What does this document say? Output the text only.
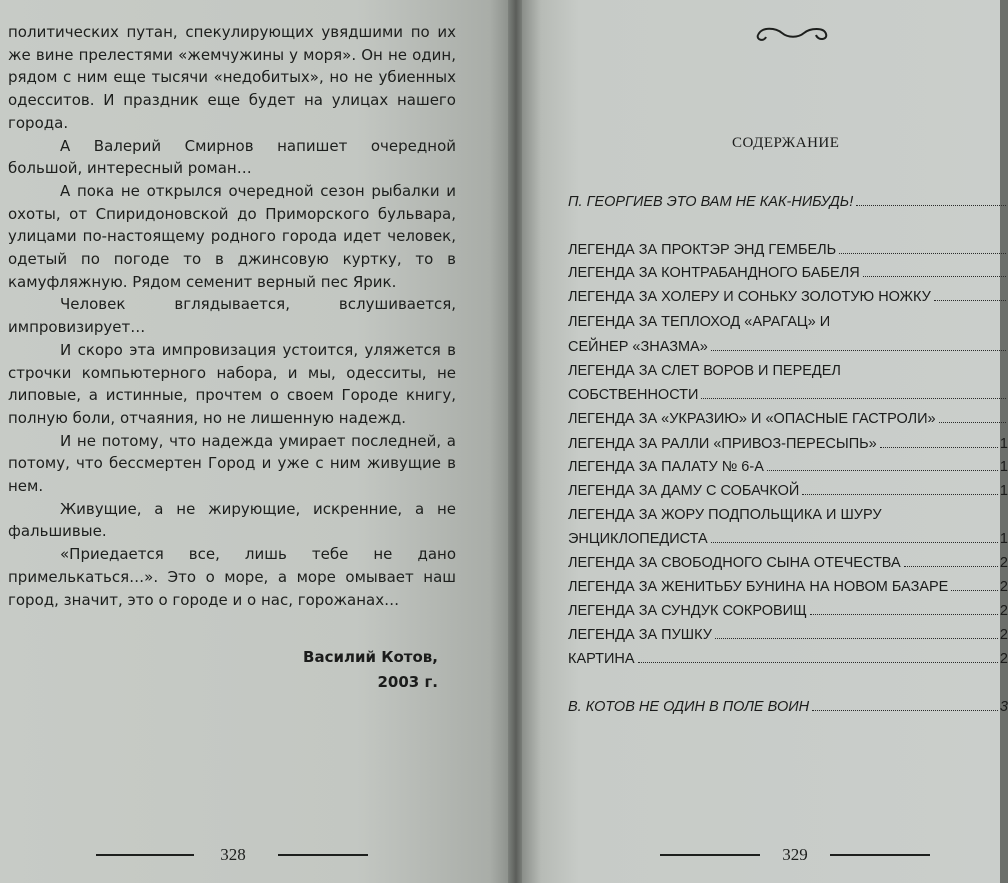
политических путан, спекулирующих увядшими по их же вине прелестями «жемчужины у моря». Он не один, рядом с ним еще тысячи «недобитых», но не убиенных одесситов. И праздник еще будет на улицах нашего города.

А Валерий Смирнов напишет очередной большой, интересный роман…

А пока не открылся очередной сезон рыбалки и охоты, от Спиридоновской до Приморского бульвара, улицами по-настоящему родного города идет человек, одетый по погоде то в джинсовую куртку, то в камуфляжную. Рядом семенит верный пес Ярик.

Человек вглядывается, вслушивается, импровизирует…

И скоро эта импровизация устоится, уляжется в строчки компьютерного набора, и мы, одесситы, не липовые, а истинные, прочтем о своем Городе книгу, полную боли, отчаяния, но не лишенную надежд.

И не потому, что надежда умирает последней, а потому, что бессмертен Город и уже с ним живущие в нем.

Живущие, а не жирующие, искренние, а не фальшивые.

«Приедается все, лишь тебе не дано примелькаться…». Это о море, а море омывает наш город, значит, это о городе и о нас, горожанах…

Василий Котов,
2003 г.
328
СОДЕРЖАНИЕ
П. ГЕОРГИЕВ ЭТО ВАМ НЕ КАК-НИБУДЬ!
ЛЕГЕНДА ЗА ПРОКТЭР ЭНД ГЕМБЕЛЬ
ЛЕГЕНДА ЗА КОНТРАБАНДНОГО БАБЕЛЯ
ЛЕГЕНДА ЗА ХОЛЕРУ И СОНЬКУ ЗОЛОТУЮ НОЖКУ
ЛЕГЕНДА ЗА ТЕПЛОХОД «АРАГАЦ» И
СЕЙНЕР «ЗНАЗМА»
ЛЕГЕНДА ЗА СЛЕТ ВОРОВ И ПЕРЕДЕЛ
СОБСТВЕННОСТИ
ЛЕГЕНДА ЗА «УКРАЗИЮ» И «ОПАСНЫЕ ГАСТРОЛИ»
ЛЕГЕНДА ЗА РАЛЛИ «ПРИВОЗ-ПЕРЕСЫПЬ»	1
ЛЕГЕНДА ЗА ПАЛАТУ № 6-А	1
ЛЕГЕНДА ЗА ДАМУ С СОБАЧКОЙ	1
ЛЕГЕНДА ЗА ЖОРУ ПОДПОЛЬЩИКА И ШУРУ
ЭНЦИКЛОПЕДИСТА	1
ЛЕГЕНДА ЗА СВОБОДНОГО СЫНА ОТЕЧЕСТВА	2
ЛЕГЕНДА ЗА ЖЕНИТЬБУ БУНИНА НА НОВОМ БАЗАРЕ	2
ЛЕГЕНДА ЗА СУНДУК СОКРОВИЩ	2
ЛЕГЕНДА ЗА ПУШКУ	2
КАРТИНА	2
В. КОТОВ НЕ ОДИН В ПОЛЕ ВОИН	3
329
